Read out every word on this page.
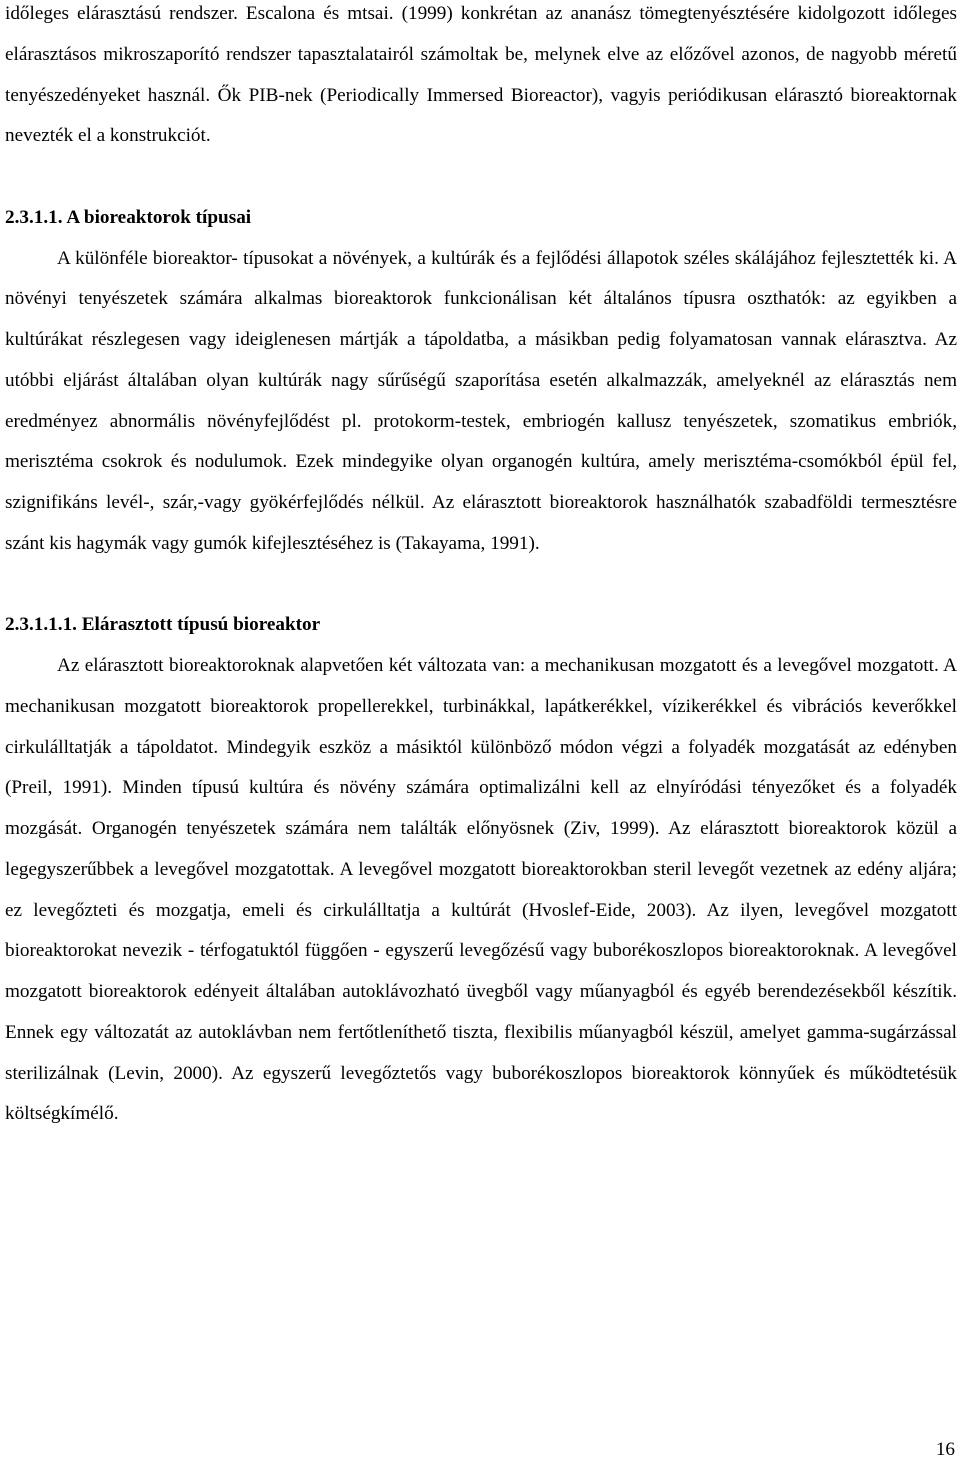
időleges elárasztású rendszer. Escalona és mtsai. (1999) konkrétan az ananász tömegtenyésztésére kidolgozott időleges elárasztásos mikroszaporító rendszer tapasztalatairól számoltak be, melynek elve az előzővel azonos, de nagyobb méretű tenyészedényeket használ. Ők PIB-nek (Periodically Immersed Bioreactor), vagyis periódikusan elárasztó bioreaktornak nevezték el a konstrukciót.

2.3.1.1. A bioreaktorok típusai

A különféle bioreaktor- típusokat a növények, a kultúrák és a fejlődési állapotok széles skálájához fejlesztették ki. A növényi tenyészetek számára alkalmas bioreaktorok funkcionálisan két általános típusra oszthatók: az egyikben a kultúrákat részlegesen vagy ideiglenesen mártják a tápoldatba, a másikban pedig folyamatosan vannak elárasztva. Az utóbbi eljárást általában olyan kultúrák nagy sűrűségű szaporítása esetén alkalmazzák, amelyeknél az elárasztás nem eredményez abnormális növényfejlődést pl. protokorm-testek, embriogén kallusz tenyészetek, szomatikus embriók, merisztéma csokrok és nodulumok. Ezek mindegyike olyan organogén kultúra, amely merisztéma-csomókból épül fel, szignifikáns levél-, szár,-vagy gyökérfejlődés nélkül. Az elárasztott bioreaktorok használhatók szabadföldi termesztésre szánt kis hagymák vagy gumók kifejlesztéséhez is (Takayama, 1991).

2.3.1.1.1. Elárasztott típusú bioreaktor

Az elárasztott bioreaktoroknak alapvetően két változata van: a mechanikusan mozgatott és a levegővel mozgatott. A mechanikusan mozgatott bioreaktorok propellerekkel, turbinákkal, lapátkerékkel, vízikerékkel és vibrációs keverőkkel cirkulálltatják a tápoldatot. Mindegyik eszköz a másiktól különböző módon végzi a folyadék mozgatását az edényben (Preil, 1991). Minden típusú kultúra és növény számára optimalizálni kell az elnyíródási tényezőket és a folyadék mozgását. Organogén tenyészetek számára nem találták előnyösnek (Ziv, 1999). Az elárasztott bioreaktorok közül a legegyszerűbbek a levegővel mozgatottak. A levegővel mozgatott bioreaktorokban steril levegőt vezetnek az edény aljára; ez levegőzteti és mozgatja, emeli és cirkulálltatja a kultúrát (Hvoslef-Eide, 2003). Az ilyen, levegővel mozgatott bioreaktorokat nevezik - térfogatuktól függően - egyszerű levegőzésű vagy buborékoszlopos bioreaktoroknak. A levegővel mozgatott bioreaktorok edényeit általában autoklávozható üvegből vagy műanyagból és egyéb berendezésekből készítik. Ennek egy változatát az autoklávban nem fertőtleníthető tiszta, flexibilis műanyagból készül, amelyet gamma-sugárzással sterilizálnak (Levin, 2000). Az egyszerű levegőztetős vagy buborékoszlopos bioreaktorok könnyűek és működtetésük költségkímélő.

16
